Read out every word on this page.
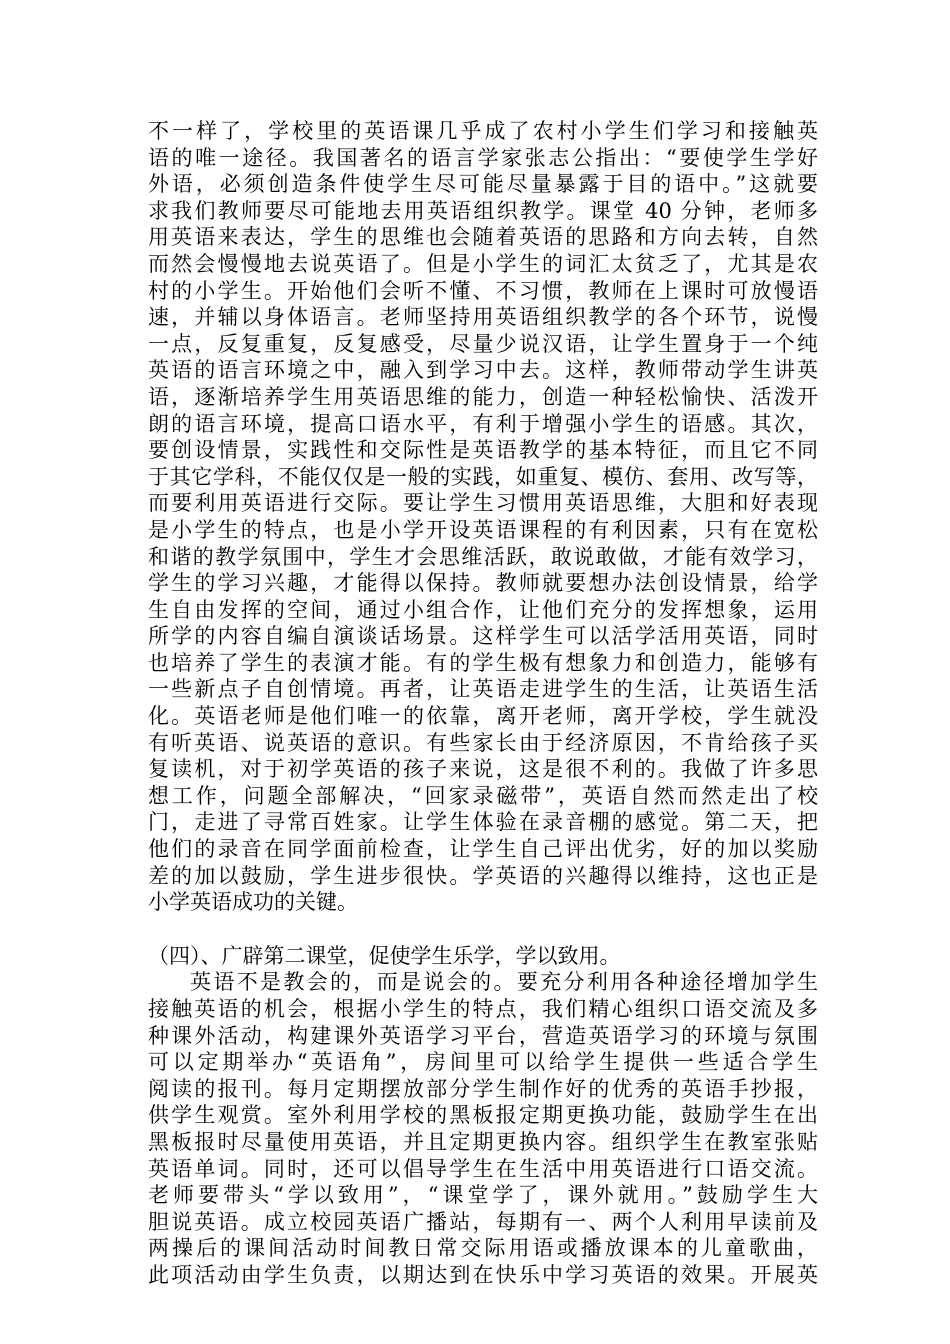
不一样了，学校里的英语课几乎成了农村小学生们学习和接触英
语的唯一途径。我国著名的语言学家张志公指出：“要使学生学好
外语，必须创造条件使学生尽可能尽量暴露于目的语中。”这就要
求我们教师要尽可能地去用英语组织教学。课堂 40 分钟，老师多
用英语来表达，学生的思维也会随着英语的思路和方向去转，自然
而然会慢慢地去说英语了。但是小学生的词汇太贫乏了，尤其是农
村的小学生。开始他们会听不懂、不习惯，教师在上课时可放慢语
速，并辅以身体语言。老师坚持用英语组织教学的各个环节，说慢
一点，反复重复，反复感受，尽量少说汉语，让学生置身于一个纯
英语的语言环境之中，融入到学习中去。这样，教师带动学生讲英
语，逐渐培养学生用英语思维的能力，创造一种轻松愉快、活泼开
朗的语言环境，提高口语水平，有利于增强小学生的语感。其次，
要创设情景，实践性和交际性是英语教学的基本特征，而且它不同
于其它学科，不能仅仅是一般的实践，如重复、模仿、套用、改写等，
而要利用英语进行交际。要让学生习惯用英语思维，大胆和好表现
是小学生的特点，也是小学开设英语课程的有利因素，只有在宽松
和谐的教学氛围中，学生才会思维活跃，敢说敢做，才能有效学习，
学生的学习兴趣，才能得以保持。教师就要想办法创设情景，给学
生自由发挥的空间，通过小组合作，让他们充分的发挥想象，运用
所学的内容自编自演谈话场景。这样学生可以活学活用英语，同时
也培养了学生的表演才能。有的学生极有想象力和创造力，能够有
一些新点子自创情境。再者，让英语走进学生的生活，让英语生活
化。英语老师是他们唯一的依靠，离开老师，离开学校，学生就没
有听英语、说英语的意识。有些家长由于经济原因，不肯给孩子买
复读机，对于初学英语的孩子来说，这是很不利的。我做了许多思
想工作，问题全部解决，“回家录磁带”，英语自然而然走出了校
门，走进了寻常百姓家。让学生体验在录音棚的感觉。第二天，把
他们的录音在同学面前检查，让学生自己评出优劣，好的加以奖励
差的加以鼓励，学生进步很快。学英语的兴趣得以维持，这也正是
小学英语成功的关键。
（四）、广辟第二课堂，促使学生乐学，学以致用。
英语不是教会的，而是说会的。要充分利用各种途径增加学生
接触英语的机会，根据小学生的特点，我们精心组织口语交流及多
种课外活动，构建课外英语学习平台，营造英语学习的环境与氛围
可以定期举办“英语角”，房间里可以给学生提供一些适合学生
阅读的报刊。每月定期摆放部分学生制作好的优秀的英语手抄报，
供学生观赏。室外利用学校的黑板报定期更换功能，鼓励学生在出
黑板报时尽量使用英语，并且定期更换内容。组织学生在教室张贴
英语单词。同时，还可以倡导学生在生活中用英语进行口语交流。
老师要带头“学以致用”，“课堂学了，课外就用。”鼓励学生大
胆说英语。成立校园英语广播站，每期有一、两个人利用早读前及
两操后的课间活动时间教日常交际用语或播放课本的儿童歌曲，
此项活动由学生负责，以期达到在快乐中学习英语的效果。开展英
